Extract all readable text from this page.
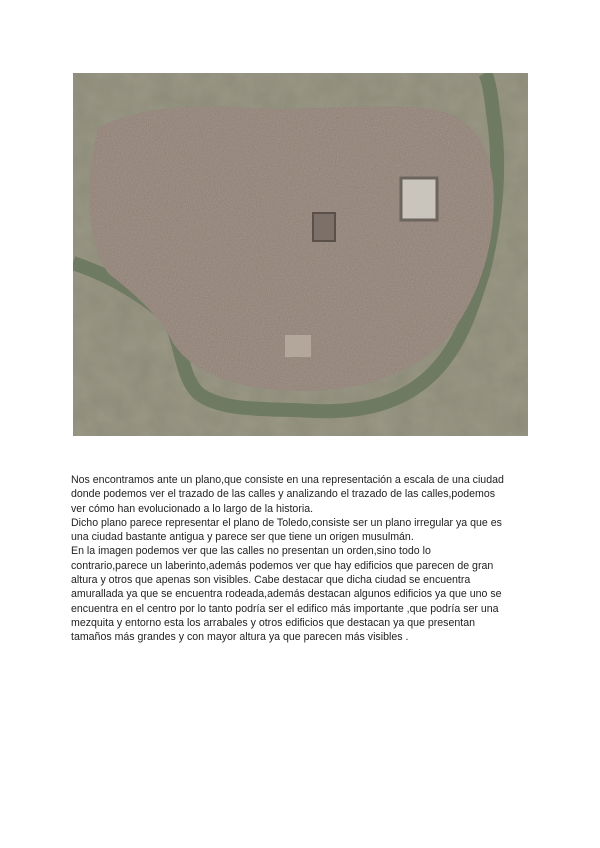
Nos encontramos ante un plano,que consiste en una representación a escala de una ciudad
donde podemos ver el trazado de las calles y analizando el trazado de las calles,podemos
ver cómo han evolucionado a lo largo de la historia.
Dicho plano parece representar el plano de Toledo,consiste ser un plano irregular ya que es
una ciudad bastante antigua y parece ser que tiene un origen musulmán.
En la imagen podemos ver que las calles no presentan un orden,sino todo lo
contrario,parece un laberinto,además podemos ver que hay edificios que parecen de gran
altura y otros que apenas son visibles. Cabe destacar que dicha ciudad se encuentra
amurallada ya que se encuentra rodeada,además destacan algunos edificios ya que uno se
encuentra en el centro por lo tanto podría ser el edifico más importante ,que podría ser una
mezquita y entorno esta los arrabales y otros edificios que destacan ya que presentan
tamaños más grandes y con mayor altura ya que parecen más visibles .
